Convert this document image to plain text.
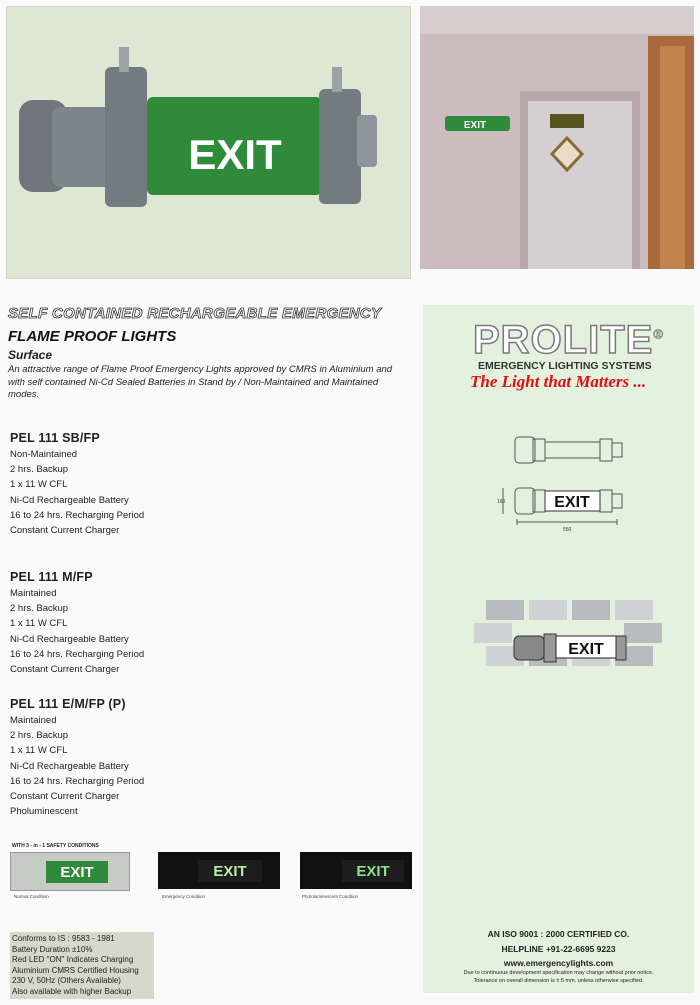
EXIT
EXIT
SELF CONTAINED RECHARGEABLE EMERGENCY
FLAME PROOF LIGHTS
Surface
An attractive range of Flame Proof Emergency Lights approved by CMRS in Aluminium and with self contained Ni-Cd Sealed Batteries in Stand by / Non-Maintained and Maintained modes.
PEL 111 SB/FP
Non-Maintained
2 hrs. Backup
1 x 11 W CFL
Ni-Cd Rechargeable Battery
16 to 24 hrs. Recharging Period
Constant Current Charger
PEL 111 M/FP
Maintained
2 hrs. Backup
1 x 11 W CFL
Ni-Cd Rechargeable Battery
16 to 24 hrs. Recharging Period
Constant Current Charger
PEL 111 E/M/FP (P)
Maintained
2 hrs. Backup
1 x 11 W CFL
Ni-Cd Rechargeable Battery
16 to 24 hrs. Recharging Period
Constant Current Charger
Pholuminescent
WITH 3 - in - 1 SAFETY CONDITIONS
EXIT
Normal Condition
EXIT
Emergency Condition
EXIT
Photoluminescent Condition
Conforms to IS : 9583 - 1981
Battery Duration ±10%
Red LED "ON" Indicates Charging
Aluminium CMRS Certified Housing
230 V, 50Hz (Others Available)
Also available with higher Backup
PROLITE®
EMERGENCY LIGHTING SYSTEMS
The Light that Matters ...
EXIT
160
550
EXIT
AN ISO 9001 : 2000 CERTIFIED CO.
HELPLINE +91-22-6695 9223
www.emergencylights.com
Due to continuous development specification may change without prior notice.
Tolerance on overall dimension is ± 5 mm. unless otherwise specified.
